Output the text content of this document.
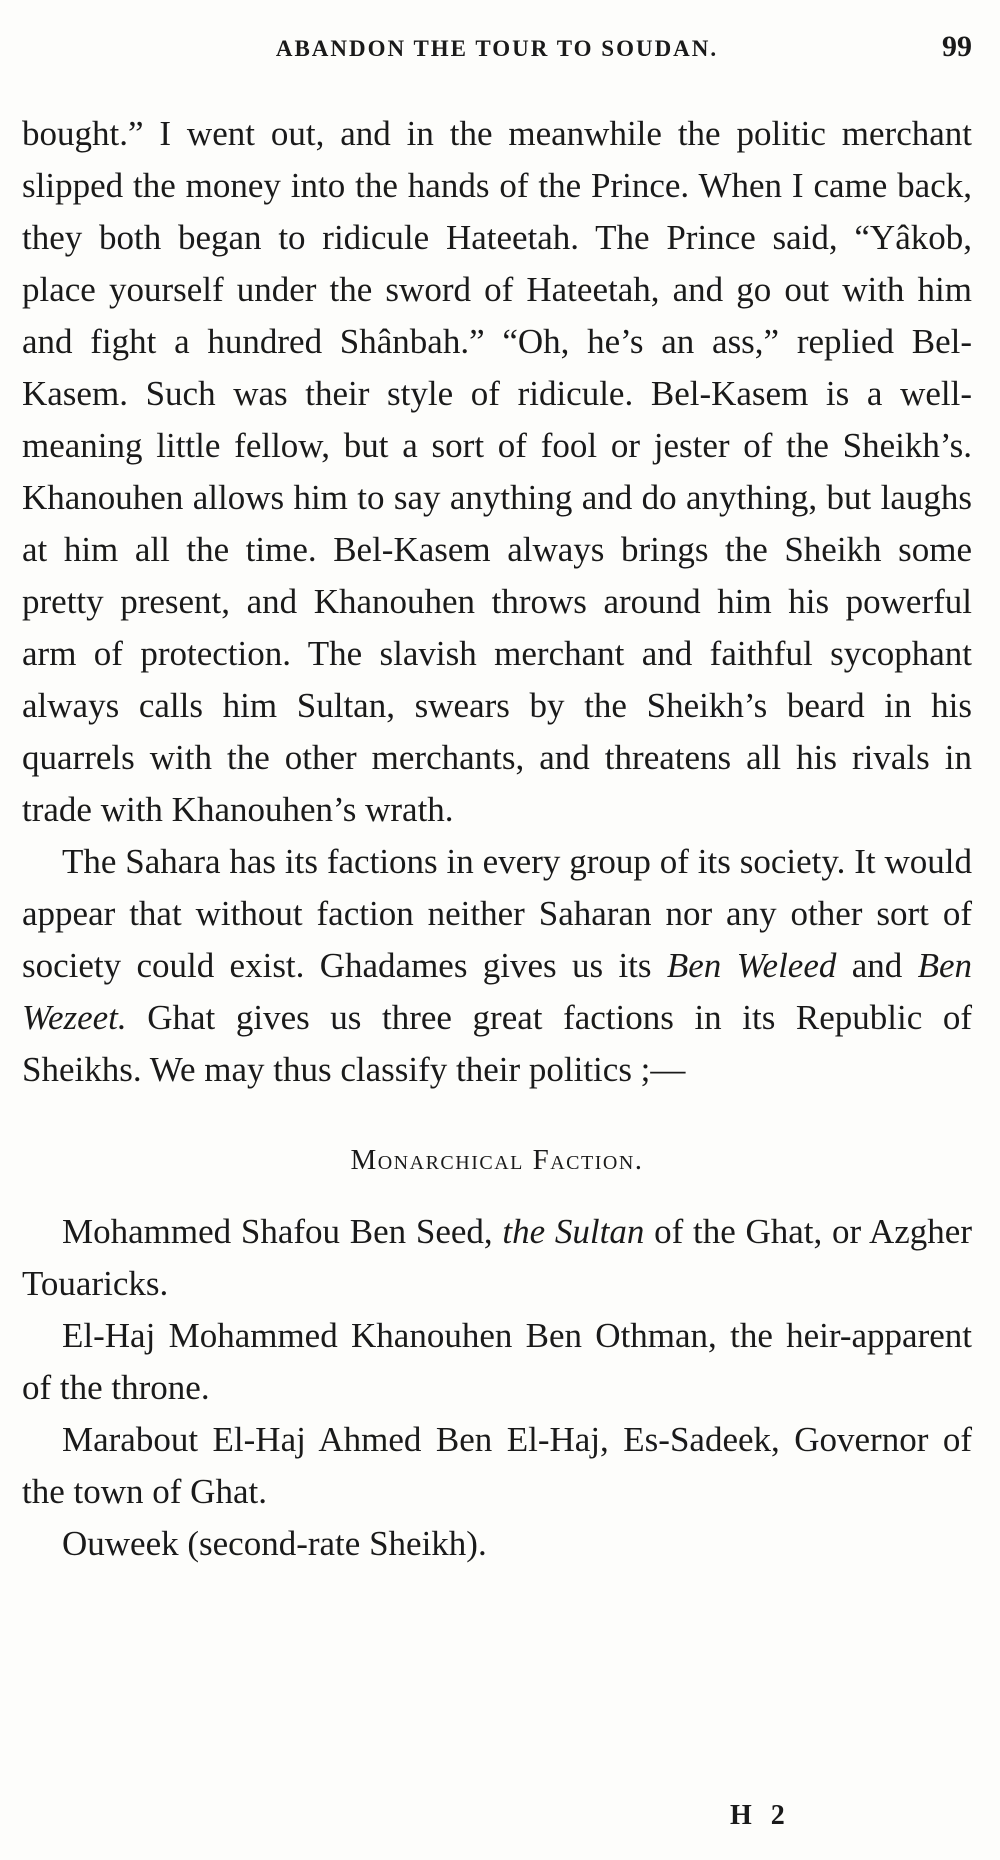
ABANDON THE TOUR TO SOUDAN.	99

bought.” I went out, and in the meanwhile the politic merchant slipped the money into the hands of the Prince. When I came back, they both began to ridicule Hateetah. The Prince said, “Yâkob, place yourself under the sword of Hateetah, and go out with him and fight a hundred Shânbah.” “Oh, he’s an ass,” replied Bel-Kasem. Such was their style of ridicule. Bel-Kasem is a well-meaning little fellow, but a sort of fool or jester of the Sheikh’s. Khanouhen allows him to say anything and do anything, but laughs at him all the time. Bel-Kasem always brings the Sheikh some pretty present, and Khanouhen throws around him his powerful arm of protection. The slavish merchant and faithful sycophant always calls him Sultan, swears by the Sheikh’s beard in his quarrels with the other merchants, and threatens all his rivals in trade with Khanouhen’s wrath.

The Sahara has its factions in every group of its society. It would appear that without faction neither Saharan nor any other sort of society could exist. Ghadames gives us its Ben Weleed and Ben Wezeet. Ghat gives us three great factions in its Republic of Sheikhs. We may thus classify their politics ;—

Monarchical Faction.

Mohammed Shafou Ben Seed, the Sultan of the Ghat, or Azgher Touaricks.

El-Haj Mohammed Khanouhen Ben Othman, the heir-apparent of the throne.

Marabout El-Haj Ahmed Ben El-Haj, Es-Sadeek, Governor of the town of Ghat.

Ouweek (second-rate Sheikh).

H 2
